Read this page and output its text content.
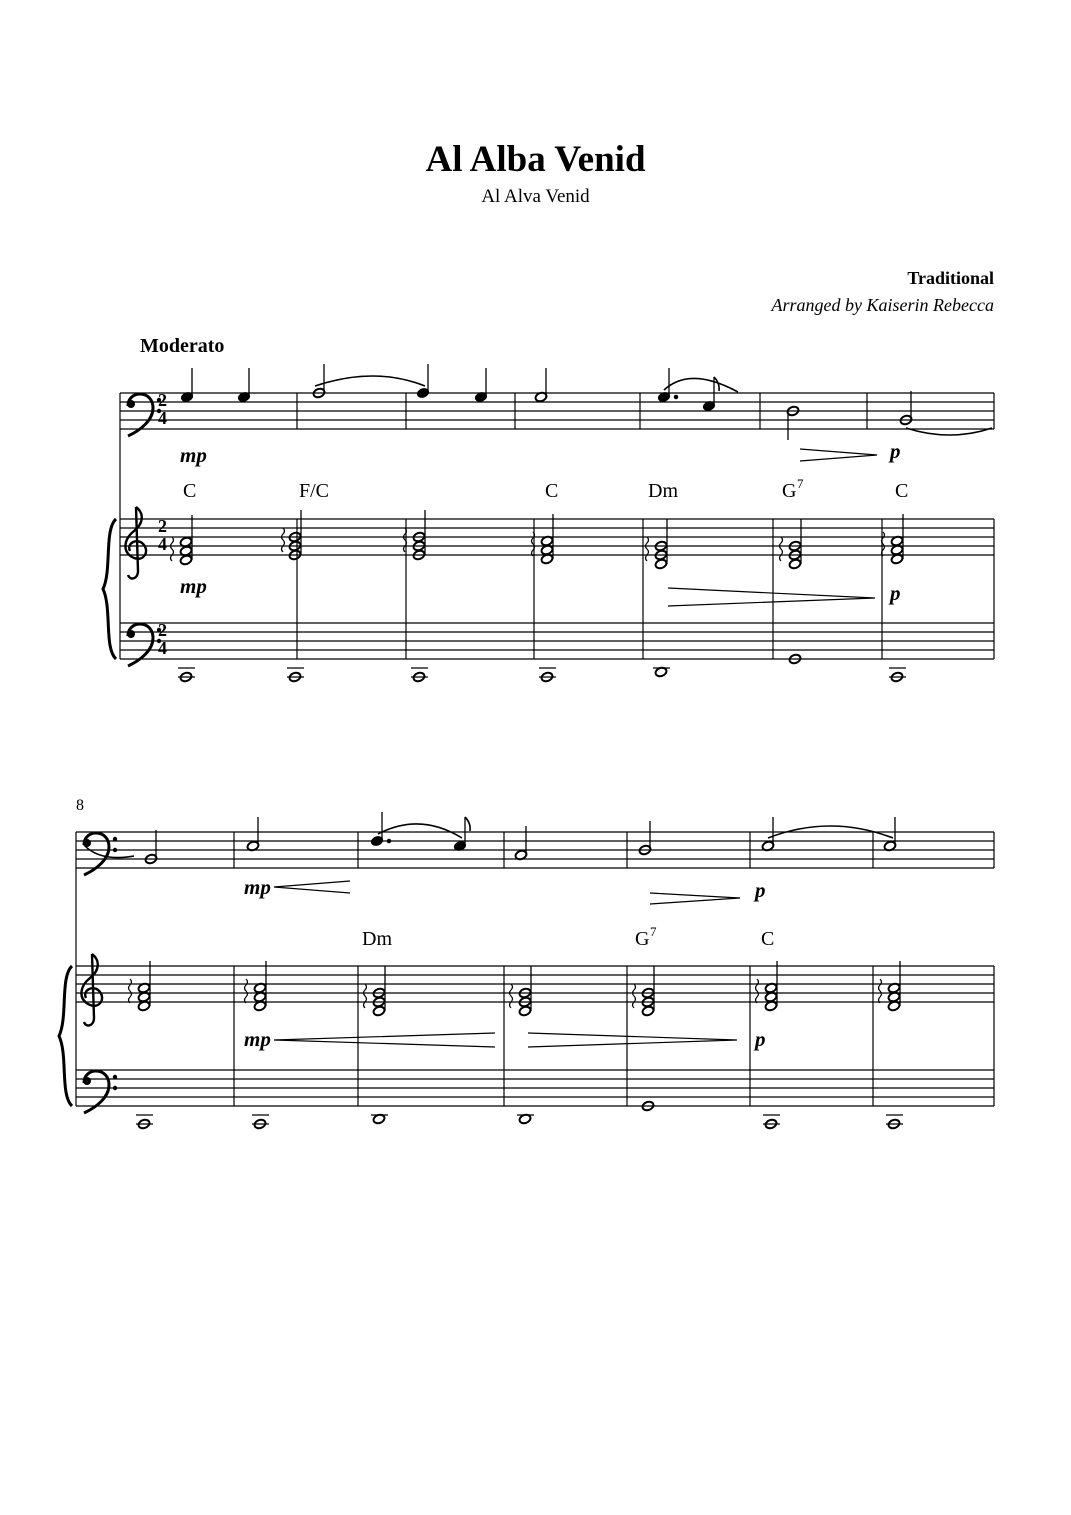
Al Alba Venid
Al Alva Venid
Traditional
Arranged by Kaiserin Rebecca
Moderato
2
4
mp	p
C	F/C	C	Dm	G 7	C
2
4
mp	p
2
4
8
mp	p
Dm	G 7	C
mp	p
